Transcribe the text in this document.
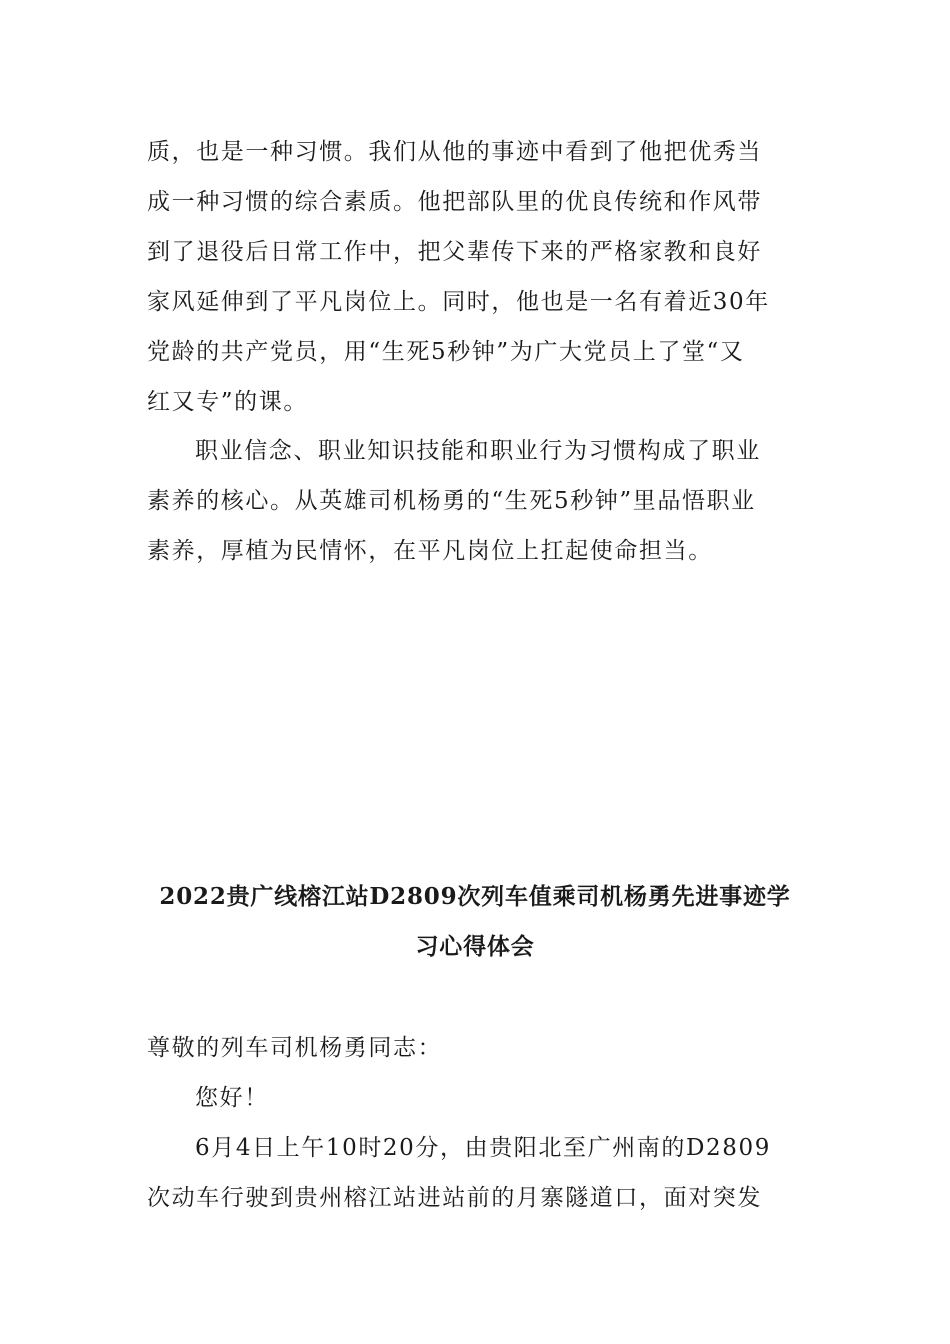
质，也是一种习惯。我们从他的事迹中看到了他把优秀当
成一种习惯的综合素质。他把部队里的优良传统和作风带
到了退役后日常工作中，把父辈传下来的严格家教和良好
家风延伸到了平凡岗位上。同时，他也是一名有着近30年
党龄的共产党员，用“生死5秒钟”为广大党员上了堂“又
红又专”的课。
职业信念、职业知识技能和职业行为习惯构成了职业
素养的核心。从英雄司机杨勇的“生死5秒钟”里品悟职业
素养，厚植为民情怀，在平凡岗位上扛起使命担当。
2022贵广线榕江站D2809次列车值乘司机杨勇先进事迹学
习心得体会
尊敬的列车司机杨勇同志：
您好！
6月4日上午10时20分，由贵阳北至广州南的D2809
次动车行驶到贵州榕江站进站前的月寨隧道口，面对突发
